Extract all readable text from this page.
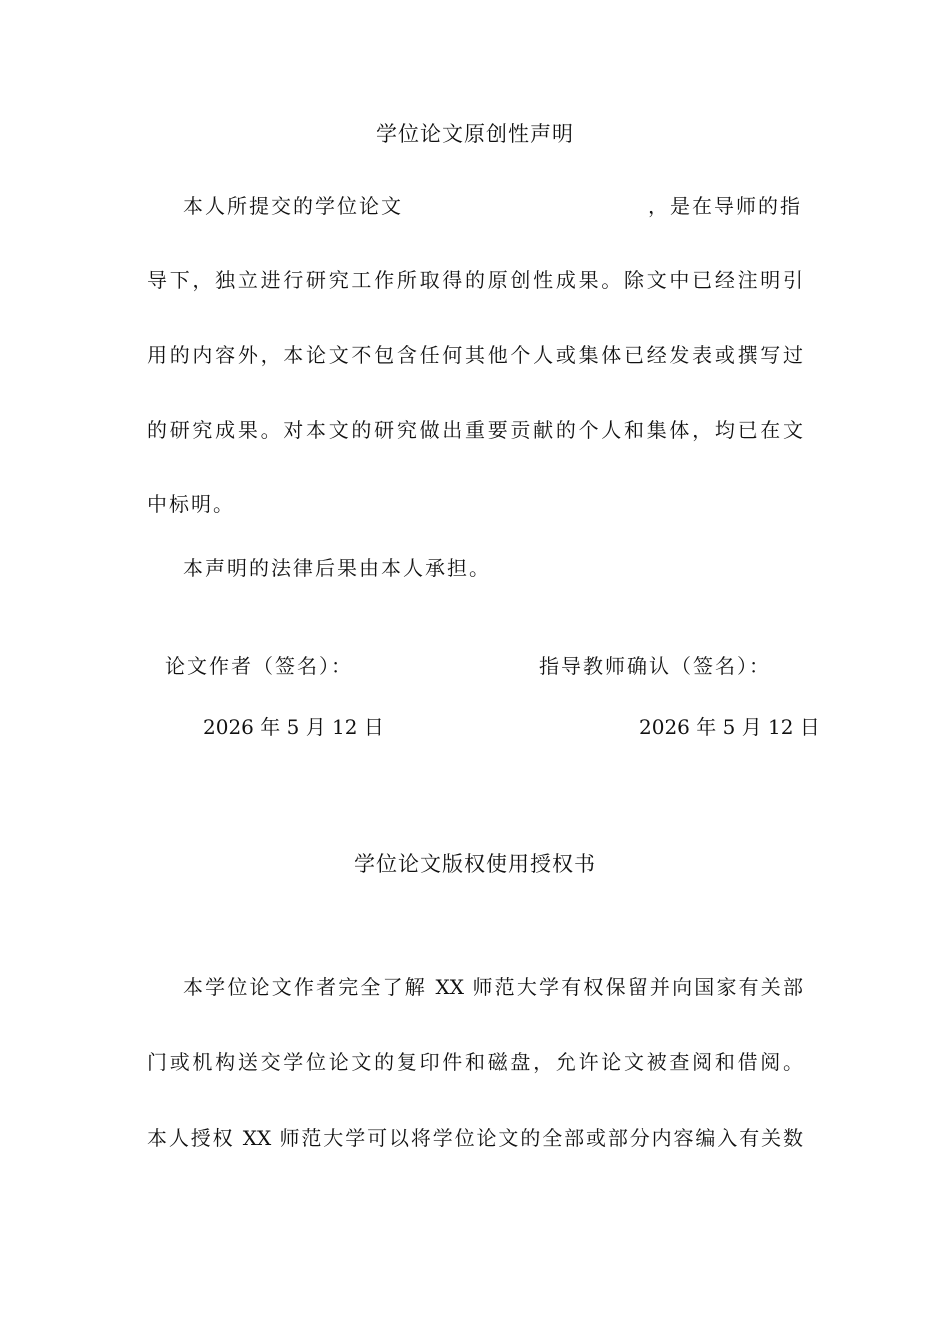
学位论文原创性声明
本人所提交的学位论文	，是在导师的指
导下，独立进行研究工作所取得的原创性成果。除文中已经注明引
用的内容外，本论文不包含任何其他个人或集体已经发表或撰写过
的研究成果。对本文的研究做出重要贡献的个人和集体，均已在文
中标明。
本声明的法律后果由本人承担。
论文作者（签名）：	指导教师确认（签名）：
2026 年 5 月 12 日	2026 年 5 月 12 日
学位论文版权使用授权书
本学位论文作者完全了解 XX 师范大学有权保留并向国家有关部
门或机构送交学位论文的复印件和磁盘，允许论文被查阅和借阅。
本人授权 XX 师范大学可以将学位论文的全部或部分内容编入有关数
